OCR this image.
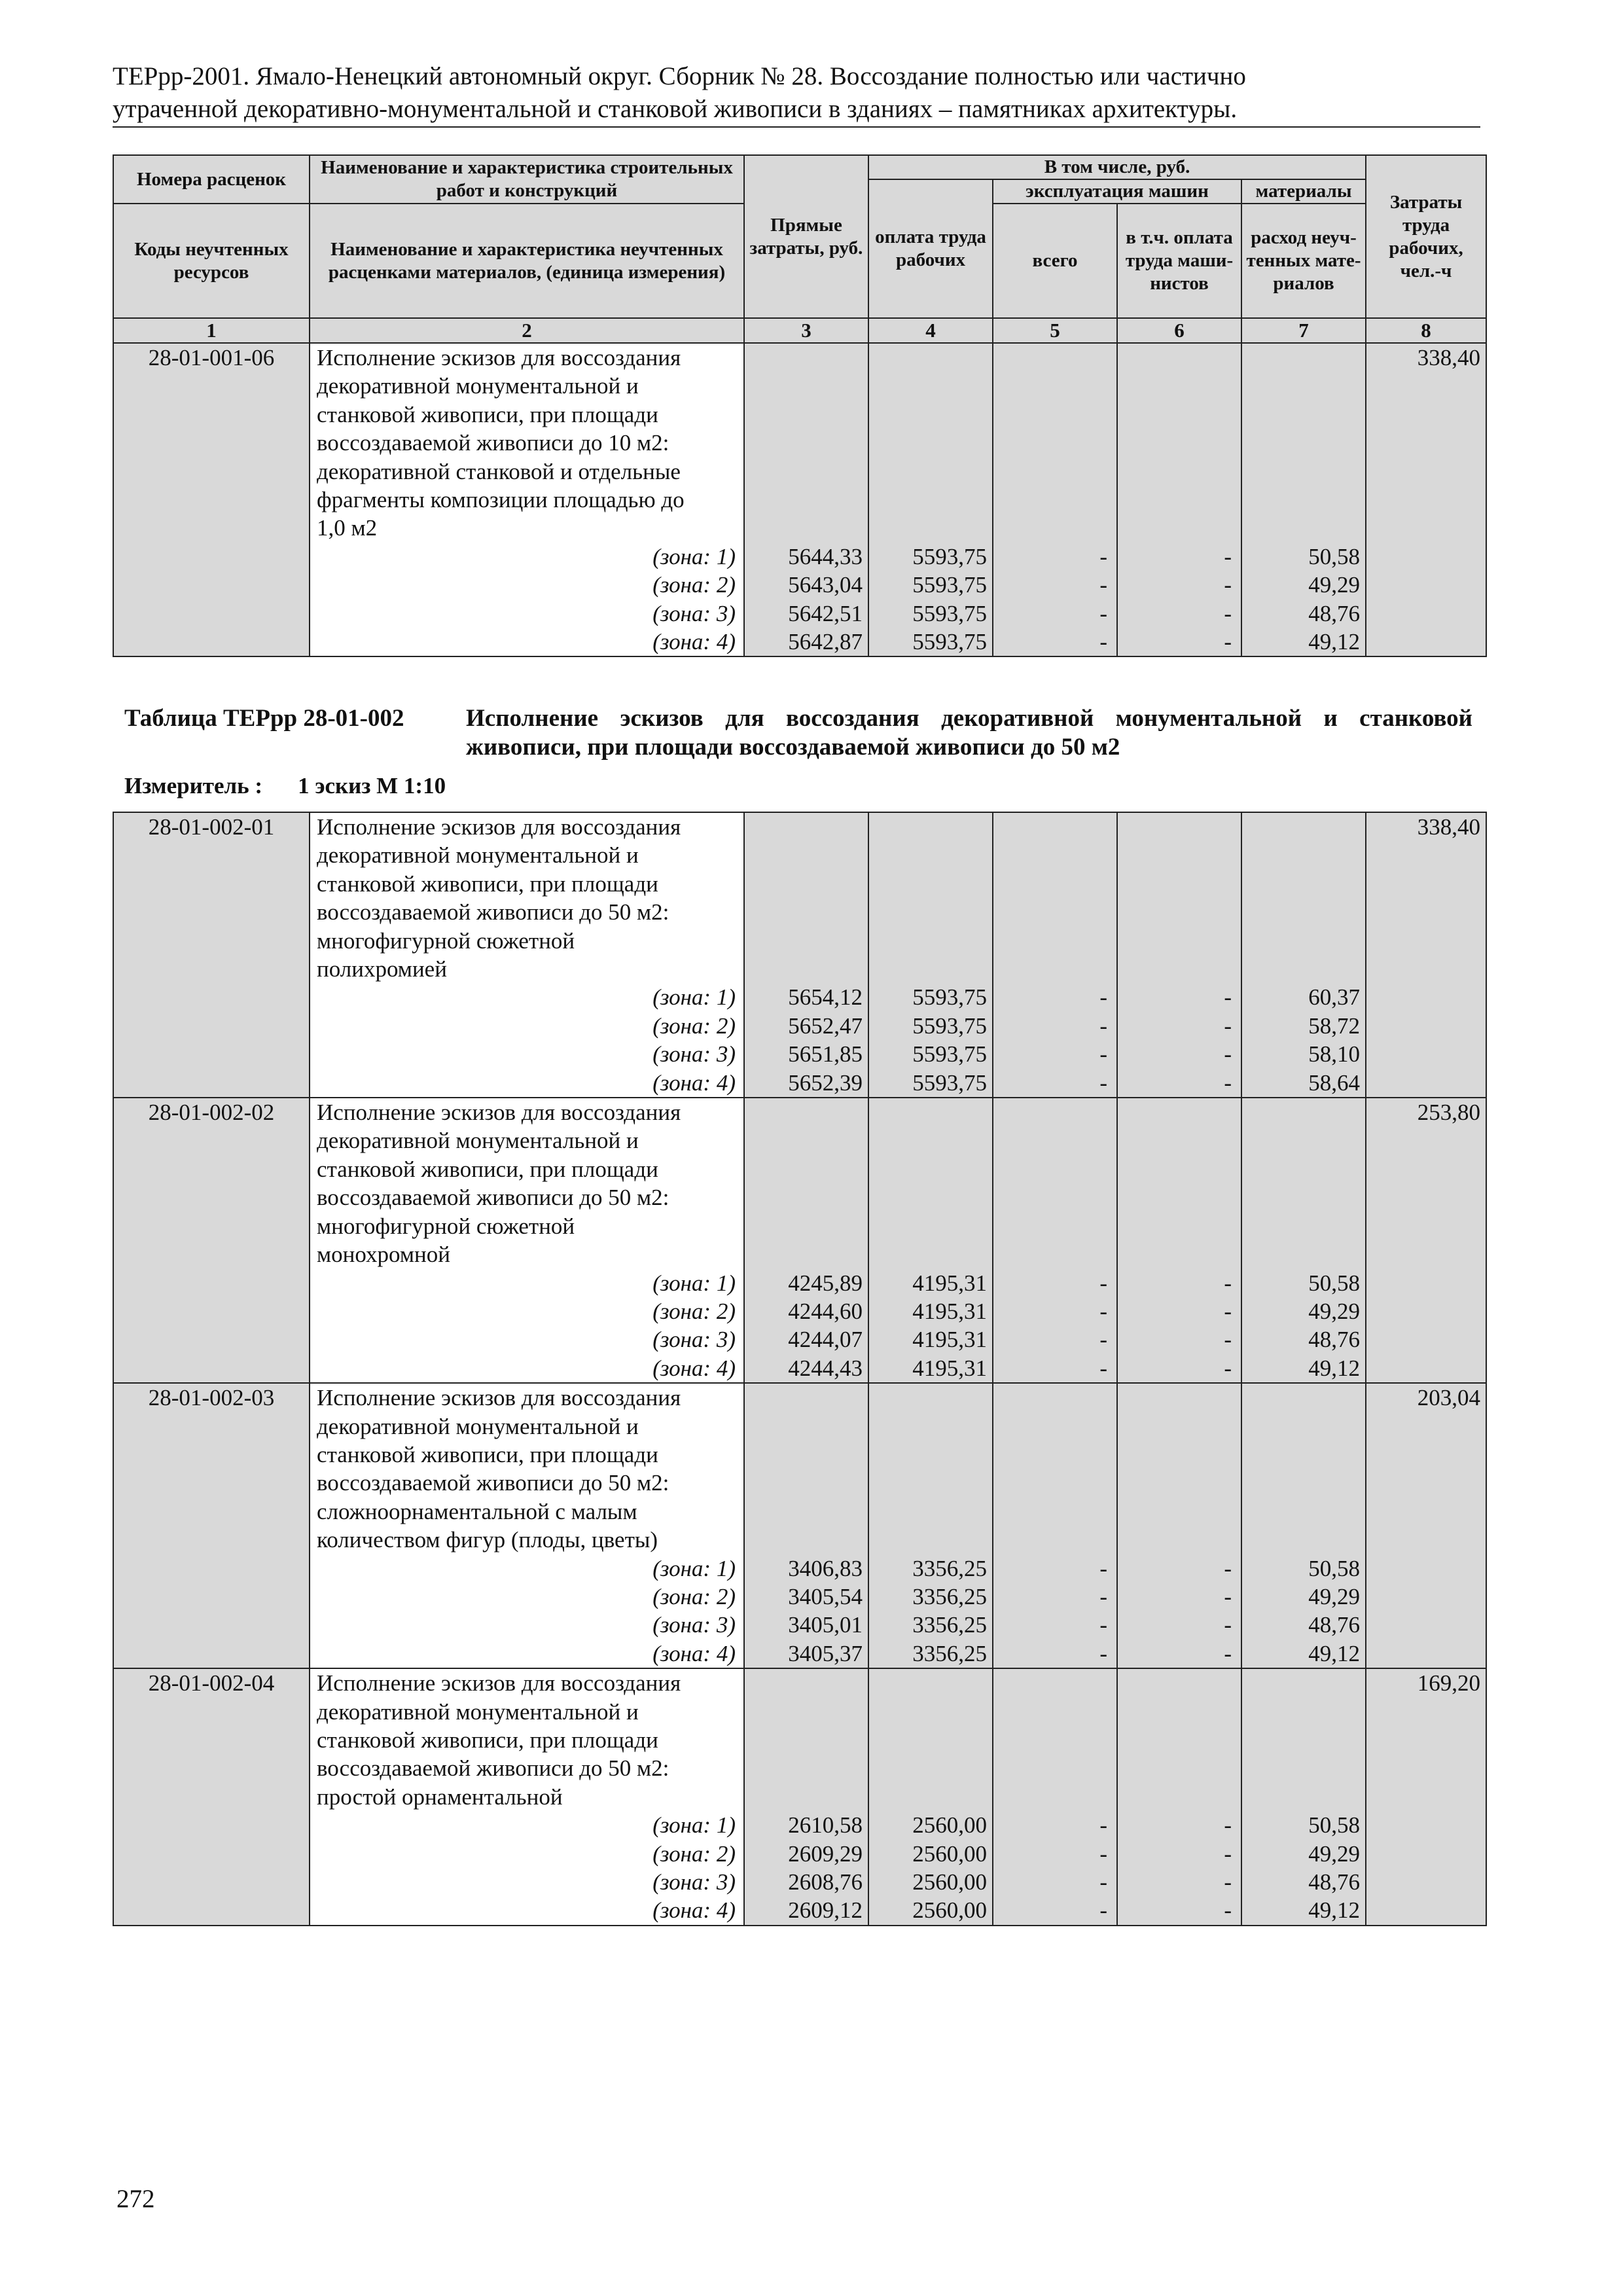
ТЕРрр-2001. Ямало-Ненецкий автономный округ. Сборник № 28. Воссоздание полностью или частично
утраченной декоративно-монументальной и станковой живописи в зданиях – памятниках архитектуры.
Номера расценок	Наименование и характеристика строительных работ и конструкций	Прямые затраты, руб.	В том числе, руб.				Затраты труда рабочих, чел.-ч
			оплата труда рабочих	эксплуатация машин		материалы	
Коды неучтенных ресурсов	Наименование и характеристика неучтенных расценками материалов, (единица измерения)			всего	в т.ч. оплата труда маши-нистов	расход неуч-тенных мате-риалов	

1	2	3	4	5	6	7	8
28-01-001-06	Исполнение эскизов для воссоздания						338,40
	декоративной монументальной и						
	станковой живописи, при площади						
	воссоздаваемой живописи до 10 м2:						
	декоративной станковой и отдельные						
	фрагменты композиции площадью до						
	1,0 м2						
	(зона: 1)	5644,33	5593,75	-	-	50,58	
	(зона: 2)	5643,04	5593,75	-	-	49,29	
	(зона: 3)	5642,51	5593,75	-	-	48,76	
	(зона: 4)	5642,87	5593,75	-	-	49,12	
Таблица ТЕРрр 28-01-002	Исполнение эскизов для воссоздания декоративной монументальной и станковой живописи, при площади воссоздаваемой живописи до 50 м2
Измеритель : 1 эскиз М 1:10
28-01-002-01	Исполнение эскизов для воссоздания						338,40
	декоративной монументальной и						
	станковой живописи, при площади						
	воссоздаваемой живописи до 50 м2:						
	многофигурной сюжетной						
	полихромией						
	(зона: 1)	5654,12	5593,75	-	-	60,37	
	(зона: 2)	5652,47	5593,75	-	-	58,72	
	(зона: 3)	5651,85	5593,75	-	-	58,10	
	(зона: 4)	5652,39	5593,75	-	-	58,64	
28-01-002-02	Исполнение эскизов для воссоздания						253,80
	декоративной монументальной и						
	станковой живописи, при площади						
	воссоздаваемой живописи до 50 м2:						
	многофигурной сюжетной						
	монохромной						
	(зона: 1)	4245,89	4195,31	-	-	50,58	
	(зона: 2)	4244,60	4195,31	-	-	49,29	
	(зона: 3)	4244,07	4195,31	-	-	48,76	
	(зона: 4)	4244,43	4195,31	-	-	49,12	
28-01-002-03	Исполнение эскизов для воссоздания						203,04
	декоративной монументальной и						
	станковой живописи, при площади						
	воссоздаваемой живописи до 50 м2:						
	сложноорнаментальной с малым						
	количеством фигур (плоды, цветы)						
	(зона: 1)	3406,83	3356,25	-	-	50,58	
	(зона: 2)	3405,54	3356,25	-	-	49,29	
	(зона: 3)	3405,01	3356,25	-	-	48,76	
	(зона: 4)	3405,37	3356,25	-	-	49,12	
28-01-002-04	Исполнение эскизов для воссоздания						169,20
	декоративной монументальной и						
	станковой живописи, при площади						
	воссоздаваемой живописи до 50 м2:						
	простой орнаментальной						
	(зона: 1)	2610,58	2560,00	-	-	50,58	
	(зона: 2)	2609,29	2560,00	-	-	49,29	
	(зона: 3)	2608,76	2560,00	-	-	48,76	
	(зона: 4)	2609,12	2560,00	-	-	49,12	
272
